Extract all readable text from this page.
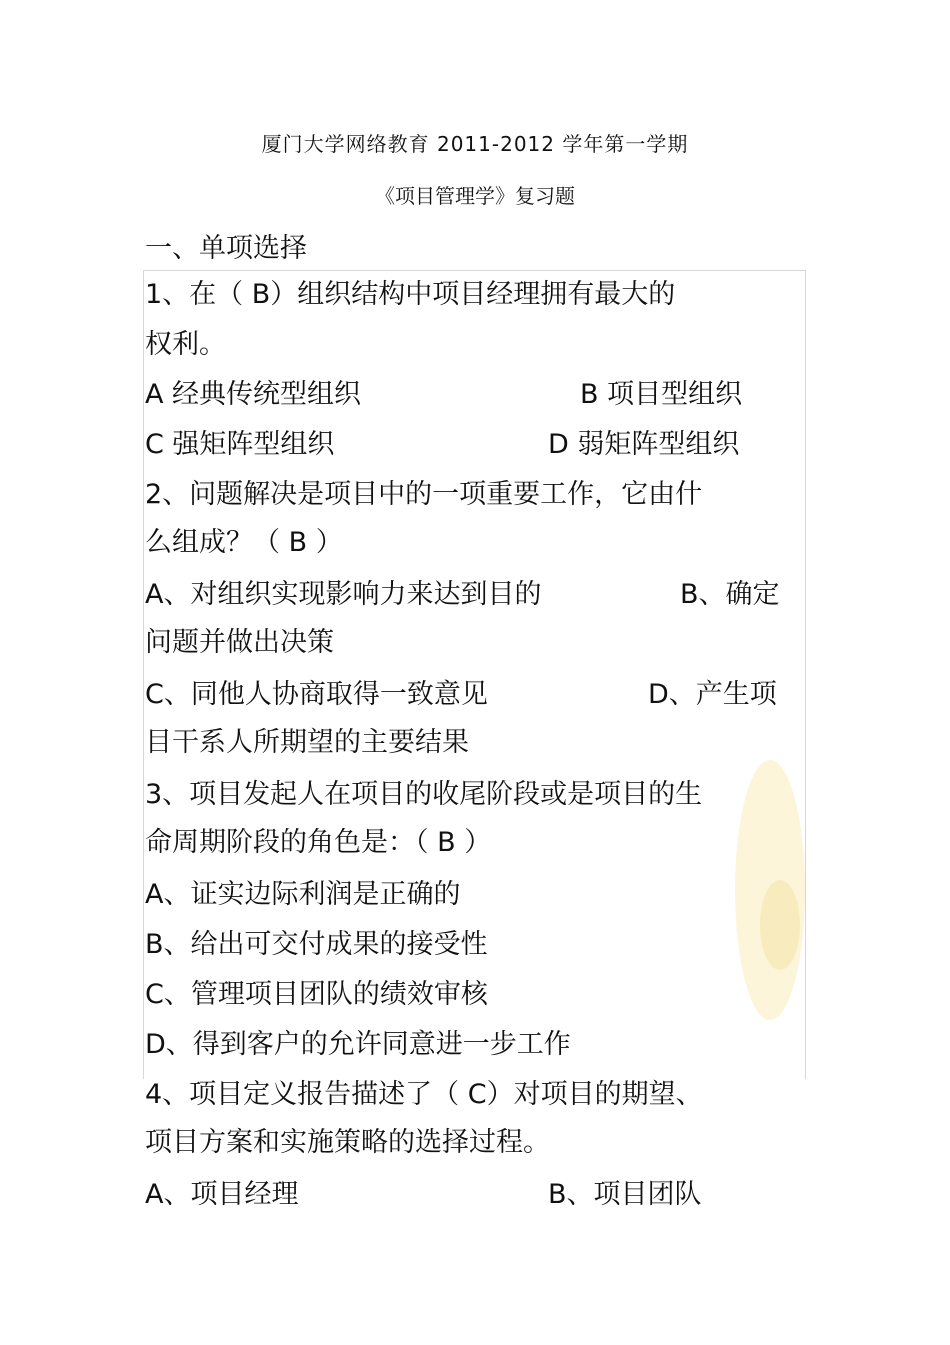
厦门大学网络教育 2011-2012 学年第一学期
《项目管理学》复习题
一、单项选择
1、在（ B）组织结构中项目经理拥有最大的
权利。
A 经典传统型组织	B 项目型组织
C 强矩阵型组织	D 弱矩阵型组织
2、问题解决是项目中的一项重要工作，它由什
么组成？（ B ）
A、对组织实现影响力来达到目的	B、确定
问题并做出决策
C、同他人协商取得一致意见	D、产生项
目干系人所期望的主要结果
3、项目发起人在项目的收尾阶段或是项目的生
命周期阶段的角色是：（ B ）
A、证实边际利润是正确的
B、给出可交付成果的接受性
C、管理项目团队的绩效审核
D、得到客户的允许同意进一步工作
4、项目定义报告描述了（ C）对项目的期望、
项目方案和实施策略的选择过程。
A、项目经理	B、项目团队
